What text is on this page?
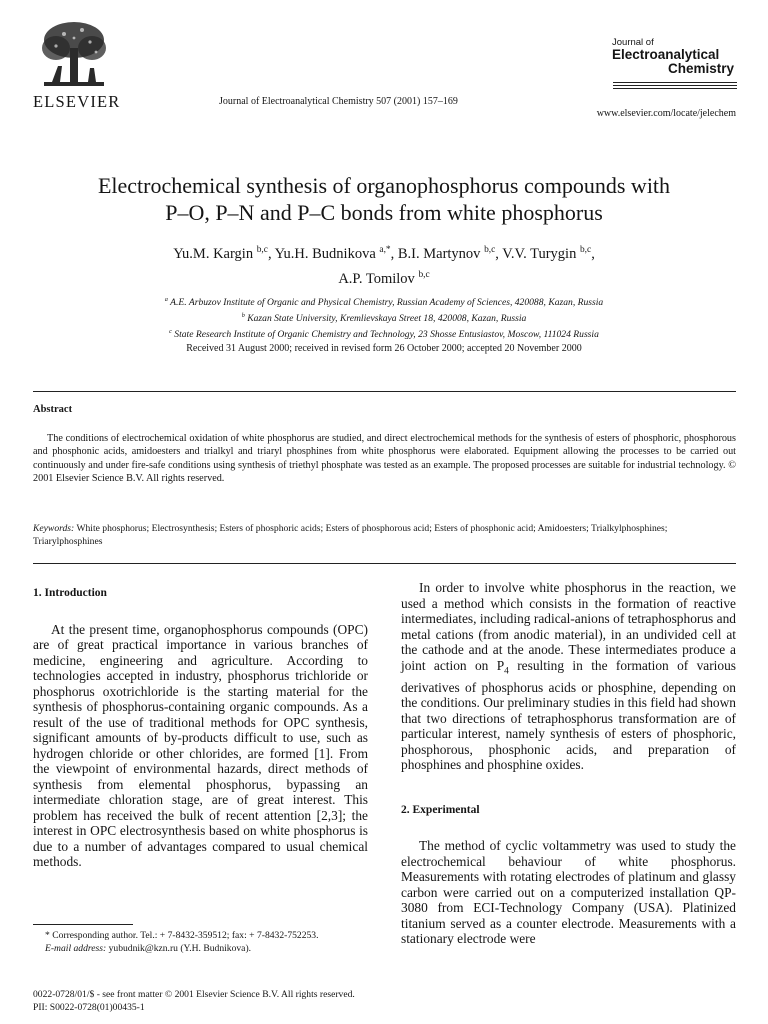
ELSEVIER	Journal of Electroanalytical Chemistry 507 (2001) 157–169
Journal of
Electroanalytical
Chemistry
www.elsevier.com/locate/jelechem
Electrochemical synthesis of organophosphorus compounds with
P–O, P–N and P–C bonds from white phosphorus
Yu.M. Kargin $^{b,c}$, Yu.H. Budnikova $^{a,*}$, B.I. Martynov $^{b,c}$, V.V. Turygin $^{b,c}$,
A.P. Tomilov $^{b,c}$
$^a$ A.E. Arbuzov Institute of Organic and Physical Chemistry, Russian Academy of Sciences, 420088, Kazan, Russia
$^b$ Kazan State University, Kremlievskaya Street 18, 420008, Kazan, Russia
$^c$ State Research Institute of Organic Chemistry and Technology, 23 Shosse Entusiastov, Moscow, 111024 Russia
Received 31 August 2000; received in revised form 26 October 2000; accepted 20 November 2000
Abstract

The conditions of electrochemical oxidation of white phosphorus are studied, and direct electrochemical methods for the synthesis of esters of phosphoric, phosphorous and phosphonic acids, amidoesters and trialkyl and triaryl phosphines from white phosphorus were elaborated. Equipment allowing the processes to be carried out continuously and under fire-safe conditions using synthesis of triethyl phosphate was tested as an example. The proposed processes are suitable for industrial technology. © 2001 Elsevier Science B.V. All rights reserved.

Keywords: White phosphorus; Electrosynthesis; Esters of phosphoric acids; Esters of phosphorous acid; Esters of phosphonic acid; Amidoesters; Trialkylphosphines; Triarylphosphines

1. Introduction

At the present time, organophosphorus compounds (OPC) are of great practical importance in various branches of medicine, engineering and agriculture. According to technologies accepted in industry, phosphorus trichloride or phosphorus oxotrichloride is the starting material for the synthesis of phosphorus-containing organic compounds. As a result of the use of traditional methods for OPC synthesis, significant amounts of by-products difficult to use, such as hydrogen chloride or other chlorides, are formed [1]. From the viewpoint of environmental hazards, direct methods of synthesis from elemental phosphorus, bypassing an intermediate chloration stage, are of great interest. This problem has received the bulk of recent attention [2,3]; the interest in OPC electrosynthesis based on white phosphorus is due to a number of advantages compared to usual chemical methods.

In order to involve white phosphorus in the reaction, we used a method which consists in the formation of reactive intermediates, including radical-anions of tetraphosphorus and metal cations (from anodic material), in an undivided cell at the cathode and at the anode. These intermediates produce a joint action on $P_4$ resulting in the formation of various derivatives of phosphorus acids or phosphine, depending on the conditions. Our preliminary studies in this field had shown that two directions of tetraphosphorus transformation are of particular interest, namely synthesis of esters of phosphoric, phosphorous, phosphonic acids, and preparation of phosphines and phosphine oxides.

2. Experimental

The method of cyclic voltammetry was used to study the electrochemical behaviour of white phosphorus. Measurements with rotating electrodes of platinum and glassy carbon were carried out on a computerized installation QP-3080 from ECI-Technology Company (USA). Platinized titanium served as a counter electrode. Measurements with a stationary electrode were

* Corresponding author. Tel.: + 7-8432-359512; fax: + 7-8432-752253.
E-mail address: yubudnik@kzn.ru (Y.H. Budnikova).
0022-0728/01/$ - see front matter © 2001 Elsevier Science B.V. All rights reserved.
PII: S0022-0728(01)00435-1
